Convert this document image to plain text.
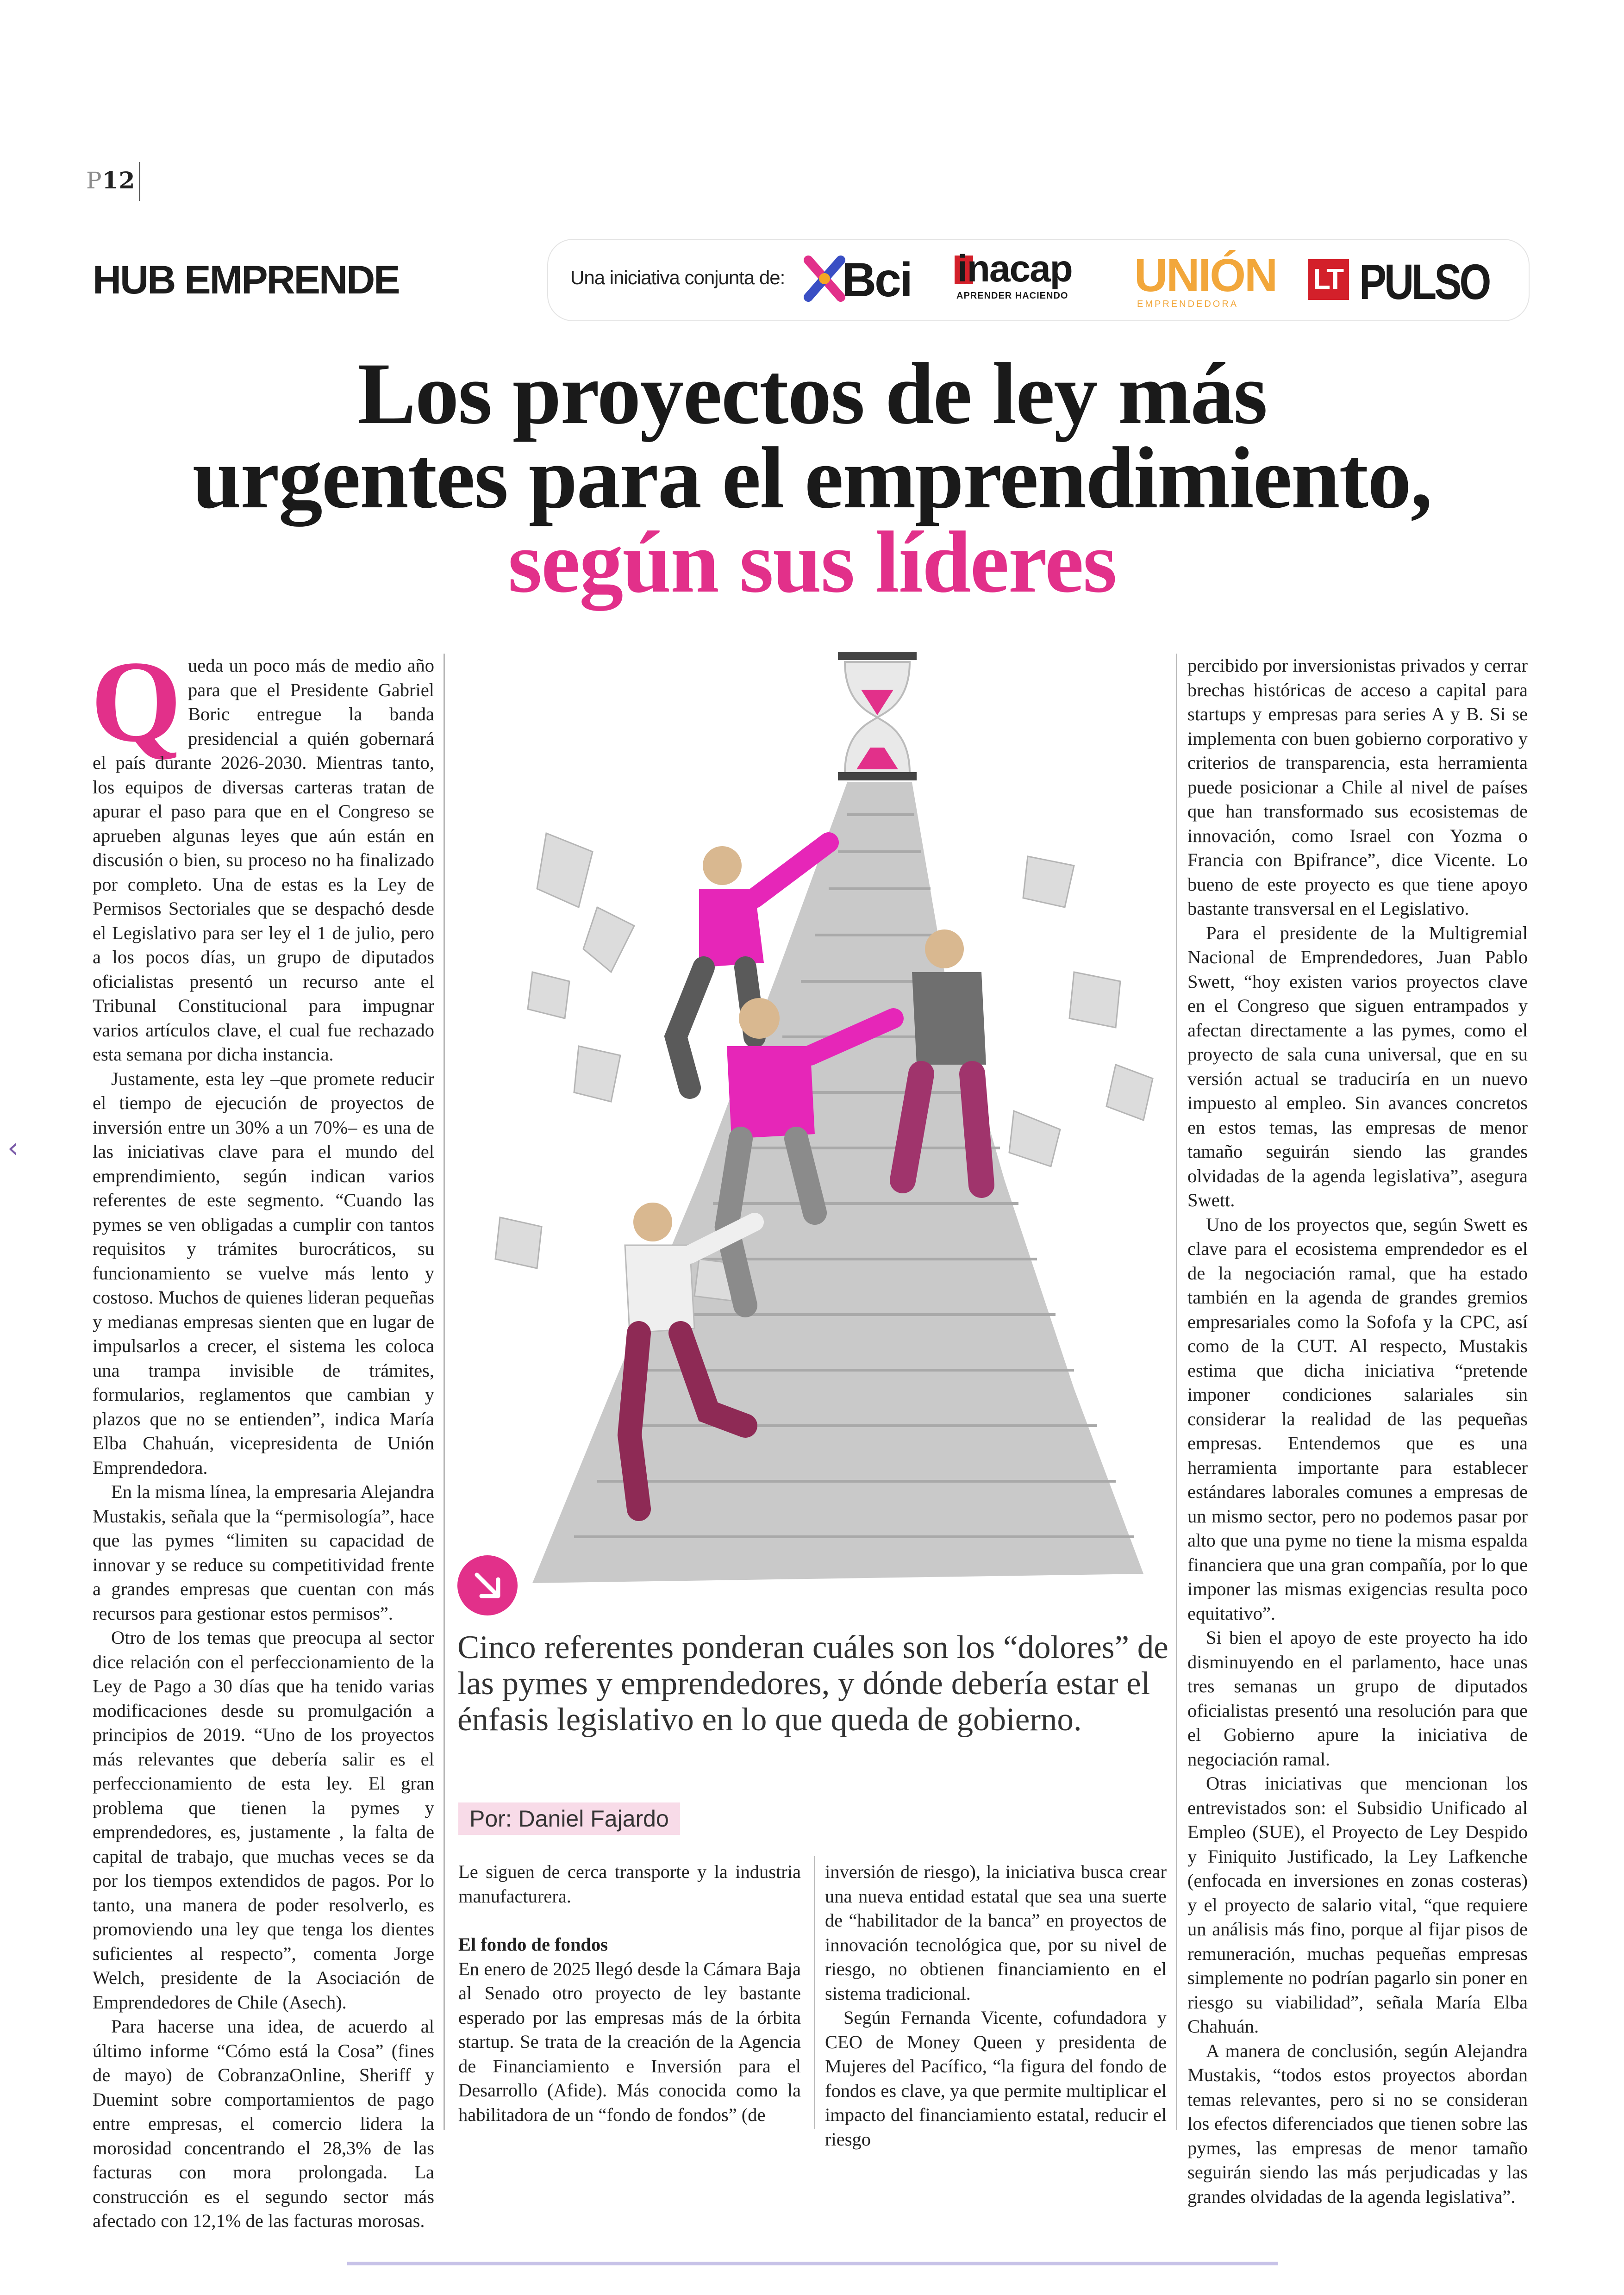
P12
HUB EMPRENDE	Una iniciativa conjunta de: Bci inacap
APRENDER HACIENDO UNIÓN
EMPRENDEDORA
LT PULSO
Los proyectos de ley más
urgentes para el emprendimiento,
según sus líderes

Queda un poco más de medio año para que el Presidente Gabriel Boric entregue la banda presidencial a quién gobernará el país durante 2026-2030. Mientras tanto, los equipos de diversas carteras tratan de apurar el paso para que en el Congreso se aprueben algunas leyes que aún están en discusión o bien, su proceso no ha finalizado por completo. Una de estas es la Ley de Permisos Sectoriales que se despachó desde el Legislativo para ser ley el 1 de julio, pero a los pocos días, un grupo de diputados oficialistas presentó un recurso ante el Tribunal Constitucional para impugnar varios artículos clave, el cual fue rechazado esta semana por dicha instancia.

Justamente, esta ley –que promete reducir el tiempo de ejecución de proyectos de inversión entre un 30% a un 70%– es una de las iniciativas clave para el mundo del emprendimiento, según indican varios referentes de este segmento. “Cuando las pymes se ven obligadas a cumplir con tantos requisitos y trámites burocráticos, su funcionamiento se vuelve más lento y costoso. Muchos de quienes lideran pequeñas y medianas empresas sienten que en lugar de impulsarlos a crecer, el sistema les coloca una trampa invisible de trámites, formularios, reglamentos que cambian y plazos que no se entienden”, indica María Elba Chahuán, vicepresidenta de Unión Emprendedora.

En la misma línea, la empresaria Alejandra Mustakis, señala que la “permisología”, hace que las pymes “limiten su capacidad de innovar y se reduce su competitividad frente a grandes empresas que cuentan con más recursos para gestionar estos permisos”.

Otro de los temas que preocupa al sector dice relación con el perfeccionamiento de la Ley de Pago a 30 días que ha tenido varias modificaciones desde su promulgación a principios de 2019. “Uno de los proyectos más relevantes que debería salir es el perfeccionamiento de esta ley. El gran problema que tienen la pymes y emprendedores, es, justamente , la falta de capital de trabajo, que muchas veces se da por los tiempos extendidos de pagos. Por lo tanto, una manera de poder resolverlo, es promoviendo una ley que tenga los dientes suficientes al respecto”, comenta Jorge Welch, presidente de la Asociación de Emprendedores de Chile (Asech).

Para hacerse una idea, de acuerdo al último informe “Cómo está la Cosa” (fines de mayo) de CobranzaOnline, Sheriff y Duemint sobre comportamientos de pago entre empresas, el comercio lidera la morosidad concentrando el 28,3% de las facturas con mora prolongada. La construcción es el segundo sector más afectado con 12,1% de las facturas morosas.

Cinco referentes ponderan cuáles son los “dolores” de las pymes y emprendedores, y dónde debería estar el énfasis legislativo en lo que queda de gobierno.
Por: Daniel Fajardo

Le siguen de cerca transporte y la industria manufacturera.

El fondo de fondos

En enero de 2025 llegó desde la Cámara Baja al Senado otro proyecto de ley bastante esperado por las empresas más de la órbita startup. Se trata de la creación de la Agencia de Financiamiento e Inversión para el Desarrollo (Afide). Más conocida como la habilitadora de un “fondo de fondos” (de

inversión de riesgo), la iniciativa busca crear una nueva entidad estatal que sea una suerte de “habilitador de la banca” en proyectos de innovación tecnológica que, por su nivel de riesgo, no obtienen financiamiento en el sistema tradicional.

Según Fernanda Vicente, cofundadora y CEO de Money Queen y presidenta de Mujeres del Pacífico, “la figura del fondo de fondos es clave, ya que permite multiplicar el impacto del financiamiento estatal, reducir el riesgo

percibido por inversionistas privados y cerrar brechas históricas de acceso a capital para startups y empresas para series A y B. Si se implementa con buen gobierno corporativo y criterios de transparencia, esta herramienta puede posicionar a Chile al nivel de países que han transformado sus ecosistemas de innovación, como Israel con Yozma o Francia con Bpifrance”, dice Vicente. Lo bueno de este proyecto es que tiene apoyo bastante transversal en el Legislativo.

Para el presidente de la Multigremial Nacional de Emprendedores, Juan Pablo Swett, “hoy existen varios proyectos clave en el Congreso que siguen entrampados y afectan directamente a las pymes, como el proyecto de sala cuna universal, que en su versión actual se traduciría en un nuevo impuesto al empleo. Sin avances concretos en estos temas, las empresas de menor tamaño seguirán siendo las grandes olvidadas de la agenda legislativa”, asegura Swett.

Uno de los proyectos que, según Swett es clave para el ecosistema emprendedor es el de la negociación ramal, que ha estado también en la agenda de grandes gremios empresariales como la Sofofa y la CPC, así como de la CUT. Al respecto, Mustakis estima que dicha iniciativa “pretende imponer condiciones salariales sin considerar la realidad de las pequeñas empresas. Entendemos que es una herramienta importante para establecer estándares laborales comunes a empresas de un mismo sector, pero no podemos pasar por alto que una pyme no tiene la misma espalda financiera que una gran compañía, por lo que imponer las mismas exigencias resulta poco equitativo”.

Si bien el apoyo de este proyecto ha ido disminuyendo en el parlamento, hace unas tres semanas un grupo de diputados oficialistas presentó una resolución para que el Gobierno apure la iniciativa de negociación ramal.

Otras iniciativas que mencionan los entrevistados son: el Subsidio Unificado al Empleo (SUE), el Proyecto de Ley Despido y Finiquito Justificado, la Ley Lafkenche (enfocada en inversiones en zonas costeras) y el proyecto de salario vital, “que requiere un análisis más fino, porque al fijar pisos de remuneración, muchas pequeñas empresas simplemente no podrían pagarlo sin poner en riesgo su viabilidad”, señala María Elba Chahuán.

A manera de conclusión, según Alejandra Mustakis, “todos estos proyectos abordan temas relevantes, pero si no se consideran los efectos diferenciados que tienen sobre las pymes, las empresas de menor tamaño seguirán siendo las más perjudicadas y las grandes olvidadas de la agenda legislativa”.

‹
